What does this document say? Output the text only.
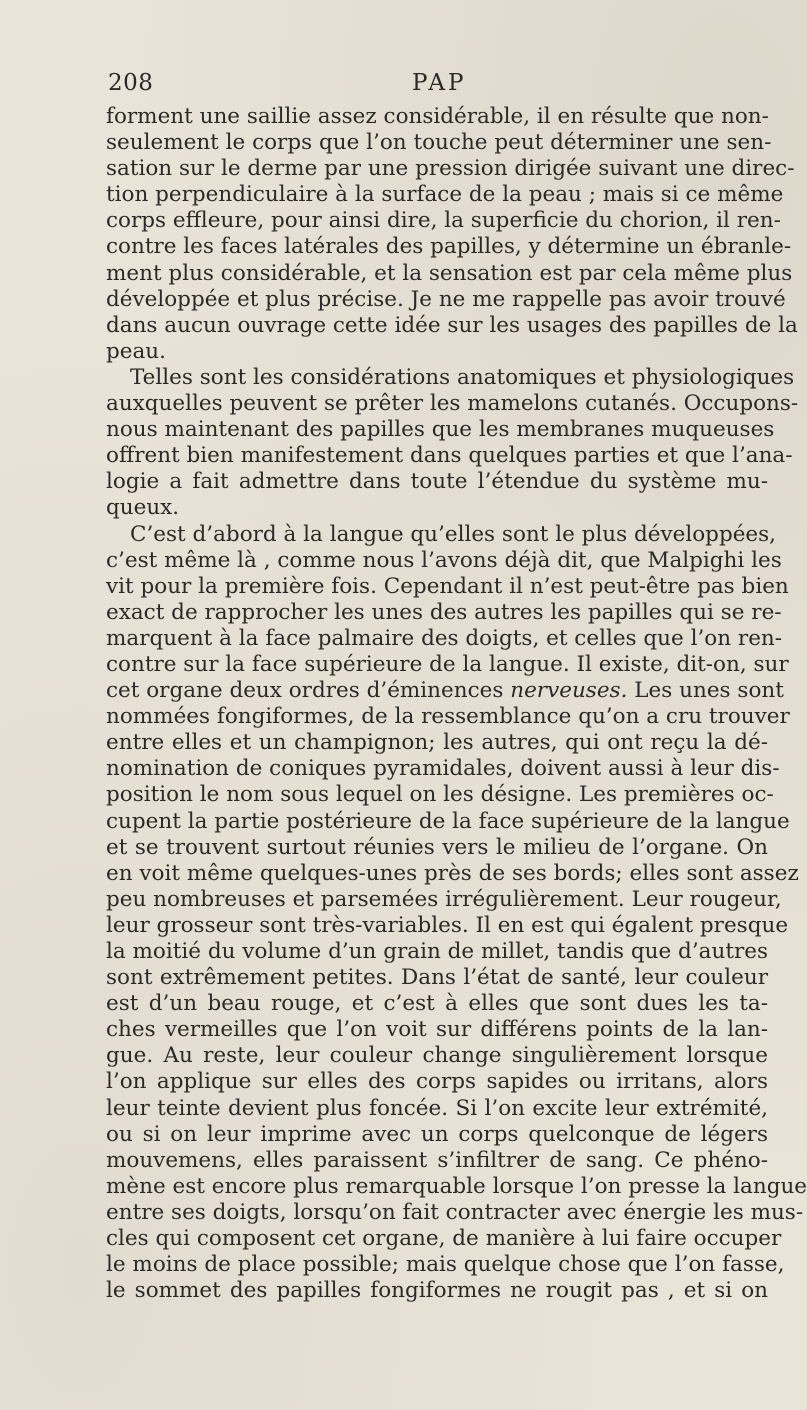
208	PAP
forment une saillie assez considérable, il en résulte que non-
seulement le corps que l’on touche peut déterminer une sen-
sation sur le derme par une pression dirigée suivant une direc-
tion perpendiculaire à la surface de la peau ; mais si ce même
corps effleure, pour ainsi dire, la superficie du chorion, il ren-
contre les faces latérales des papilles, y détermine un ébranle-
ment plus considérable, et la sensation est par cela même plus
développée et plus précise. Je ne me rappelle pas avoir trouvé
dans aucun ouvrage cette idée sur les usages des papilles de la
peau.
Telles sont les considérations anatomiques et physiologiques
auxquelles peuvent se prêter les mamelons cutanés. Occupons-
nous maintenant des papilles que les membranes muqueuses
offrent bien manifestement dans quelques parties et que l’ana-
logie a fait admettre dans toute l’étendue du système mu-
queux.
C’est d’abord à la langue qu’elles sont le plus développées,
c’est même là , comme nous l’avons déjà dit, que Malpighi les
vit pour la première fois. Cependant il n’est peut-être pas bien
exact de rapprocher les unes des autres les papilles qui se re-
marquent à la face palmaire des doigts, et celles que l’on ren-
contre sur la face supérieure de la langue. Il existe, dit-on, sur
cet organe deux ordres d’éminences nerveuses. Les unes sont
nommées fongiformes, de la ressemblance qu’on a cru trouver
entre elles et un champignon; les autres, qui ont reçu la dé-
nomination de coniques pyramidales, doivent aussi à leur dis-
position le nom sous lequel on les désigne. Les premières oc-
cupent la partie postérieure de la face supérieure de la langue
et se trouvent surtout réunies vers le milieu de l’organe. On
en voit même quelques-unes près de ses bords; elles sont assez
peu nombreuses et parsemées irrégulièrement. Leur rougeur,
leur grosseur sont très-variables. Il en est qui égalent presque
la moitié du volume d’un grain de millet, tandis que d’autres
sont extrêmement petites. Dans l’état de santé, leur couleur
est d’un beau rouge, et c’est à elles que sont dues les ta-
ches vermeilles que l’on voit sur différens points de la lan-
gue. Au reste, leur couleur change singulièrement lorsque
l’on applique sur elles des corps sapides ou irritans, alors
leur teinte devient plus foncée. Si l’on excite leur extrémité,
ou si on leur imprime avec un corps quelconque de légers
mouvemens, elles paraissent s’infiltrer de sang. Ce phéno-
mène est encore plus remarquable lorsque l’on presse la langue
entre ses doigts, lorsqu’on fait contracter avec énergie les mus-
cles qui composent cet organe, de manière à lui faire occuper
le moins de place possible; mais quelque chose que l’on fasse,
le sommet des papilles fongiformes ne rougit pas , et si on
